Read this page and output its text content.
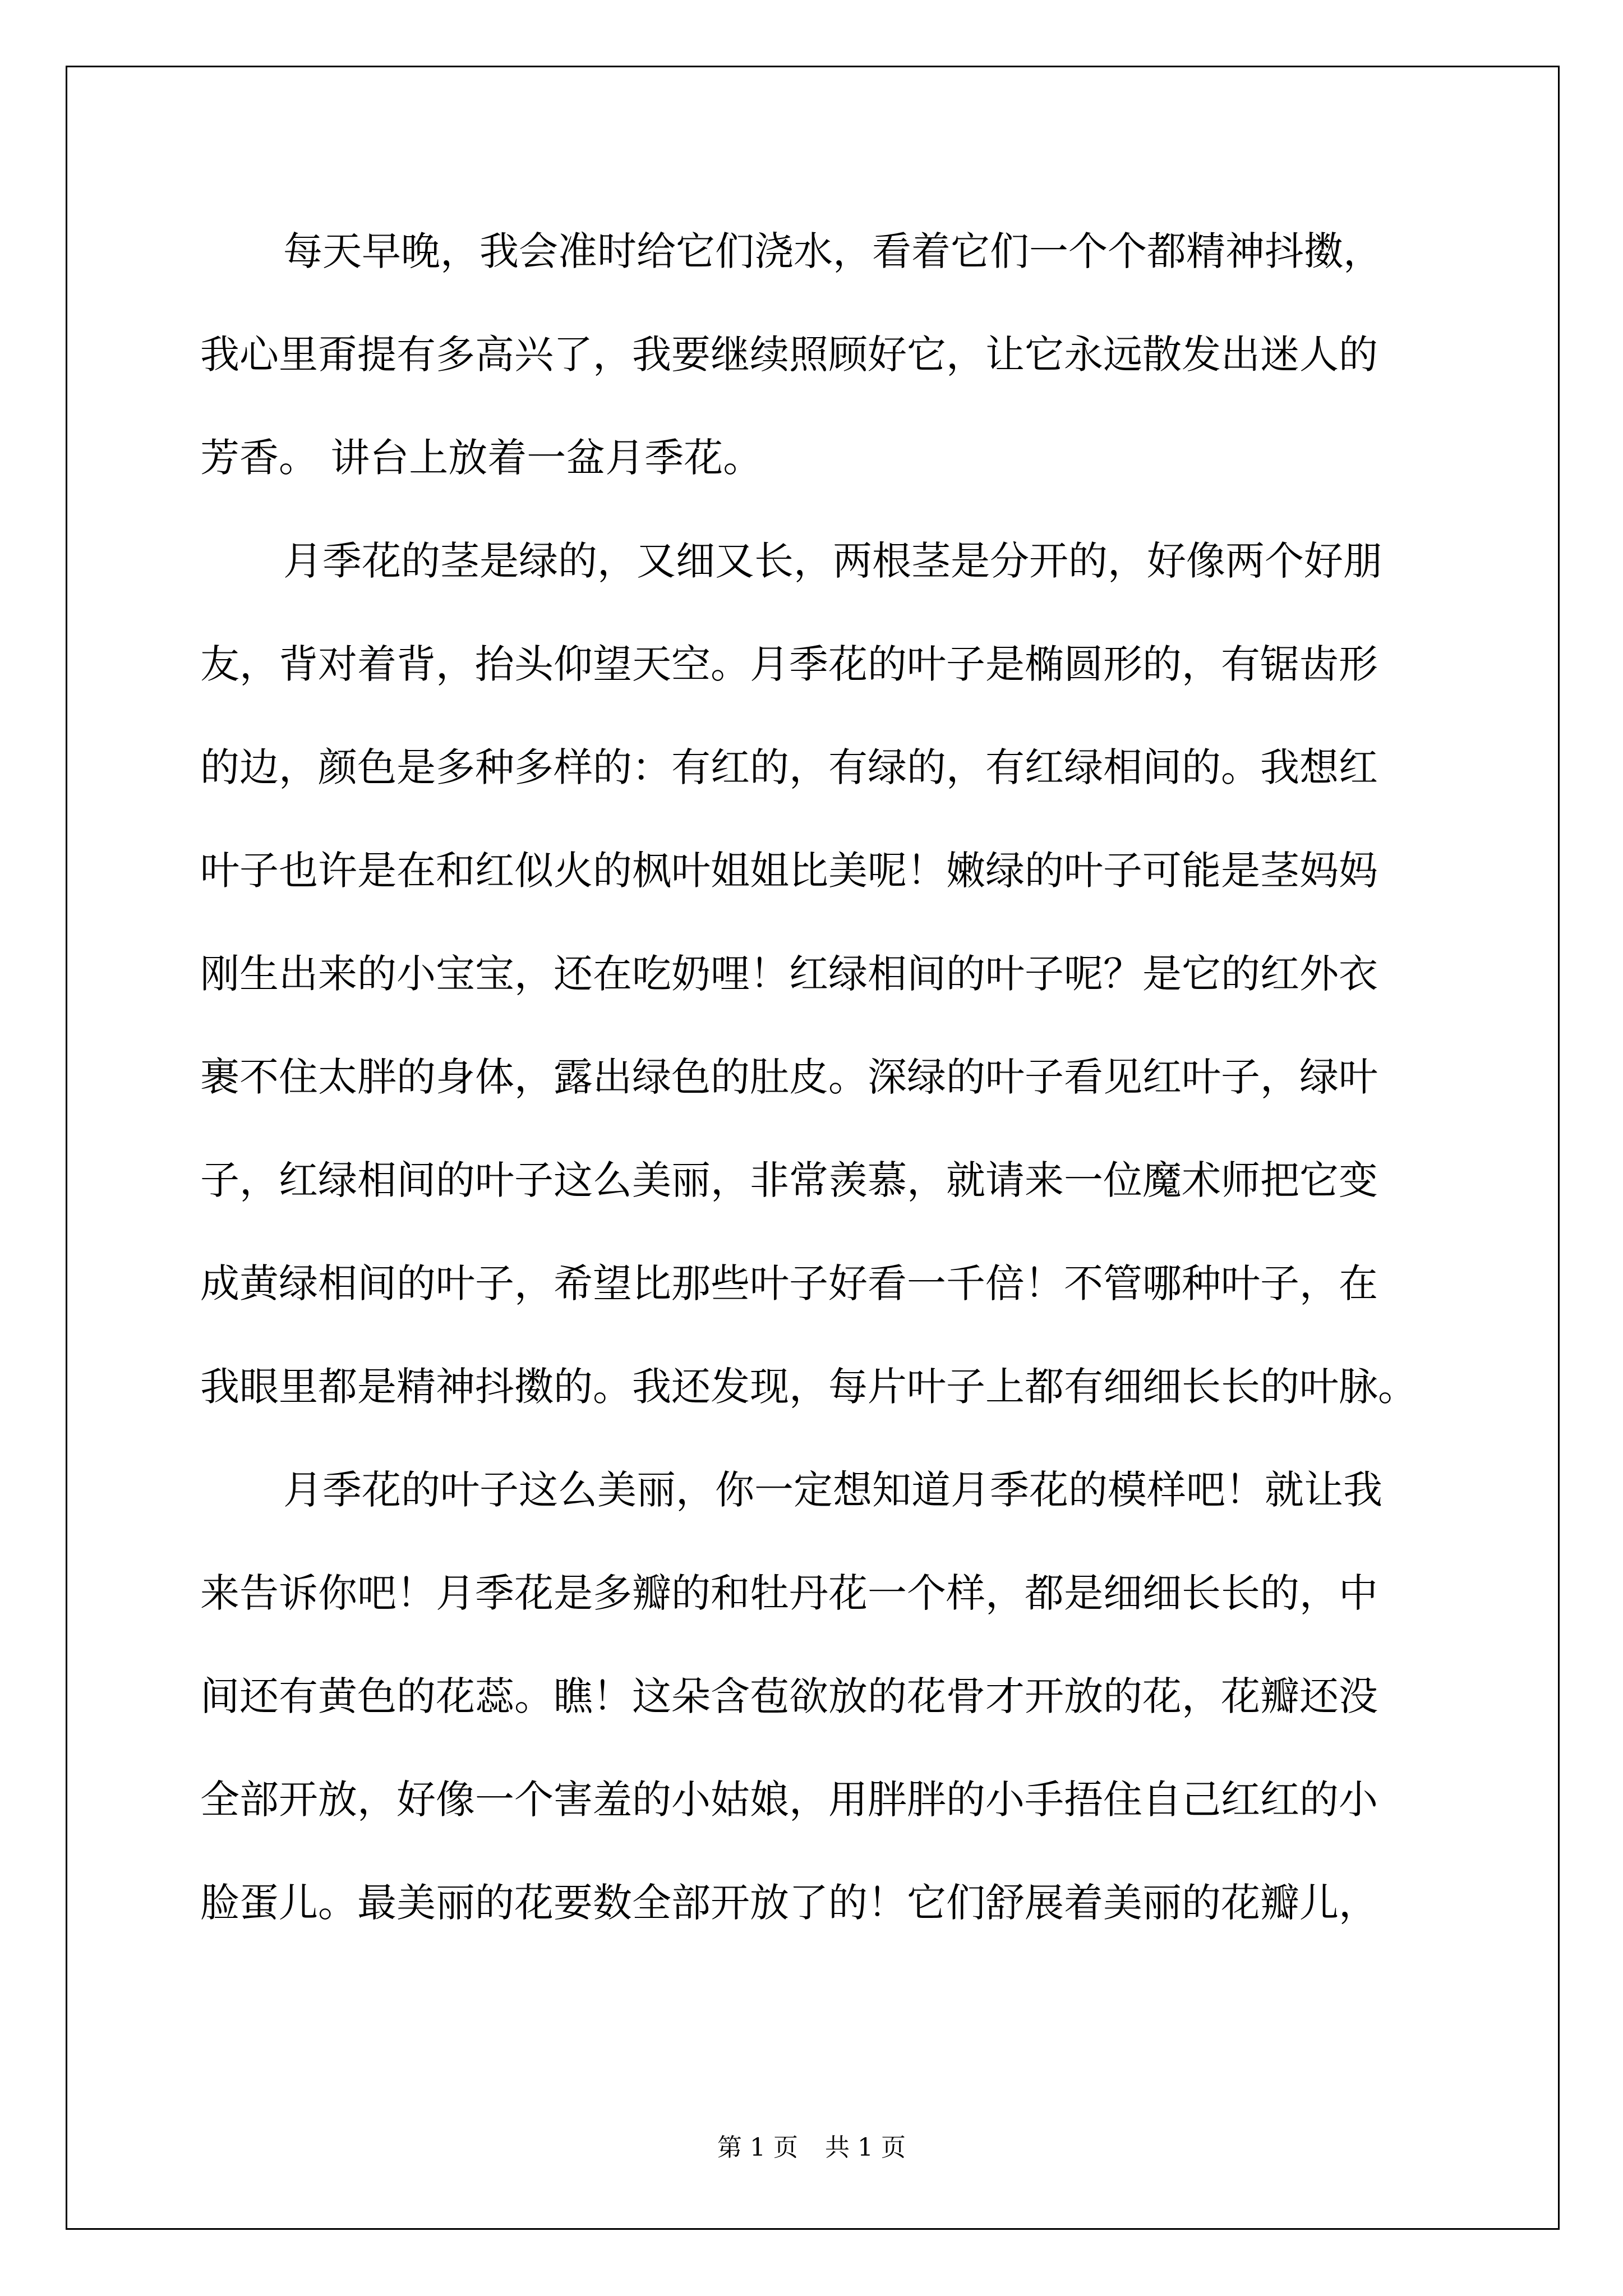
每天早晚，我会准时给它们浇水，看着它们一个个都精神抖擞，
我心里甭提有多高兴了，我要继续照顾好它，让它永远散发出迷人的
芳香。 讲台上放着一盆月季花。
月季花的茎是绿的，又细又长，两根茎是分开的，好像两个好朋
友，背对着背，抬头仰望天空。月季花的叶子是椭圆形的，有锯齿形
的边，颜色是多种多样的：有红的，有绿的，有红绿相间的。我想红
叶子也许是在和红似火的枫叶姐姐比美呢！嫩绿的叶子可能是茎妈妈
刚生出来的小宝宝，还在吃奶哩！红绿相间的叶子呢？是它的红外衣
裹不住太胖的身体，露出绿色的肚皮。深绿的叶子看见红叶子，绿叶
子，红绿相间的叶子这么美丽，非常羡慕，就请来一位魔术师把它变
成黄绿相间的叶子，希望比那些叶子好看一千倍！不管哪种叶子，在
我眼里都是精神抖擞的。我还发现，每片叶子上都有细细长长的叶脉。
月季花的叶子这么美丽，你一定想知道月季花的模样吧！就让我
来告诉你吧！月季花是多瓣的和牡丹花一个样，都是细细长长的，中
间还有黄色的花蕊。瞧！这朵含苞欲放的花骨才开放的花，花瓣还没
全部开放，好像一个害羞的小姑娘，用胖胖的小手捂住自己红红的小
脸蛋儿。最美丽的花要数全部开放了的！它们舒展着美丽的花瓣儿，
第 1 页 共 1 页
